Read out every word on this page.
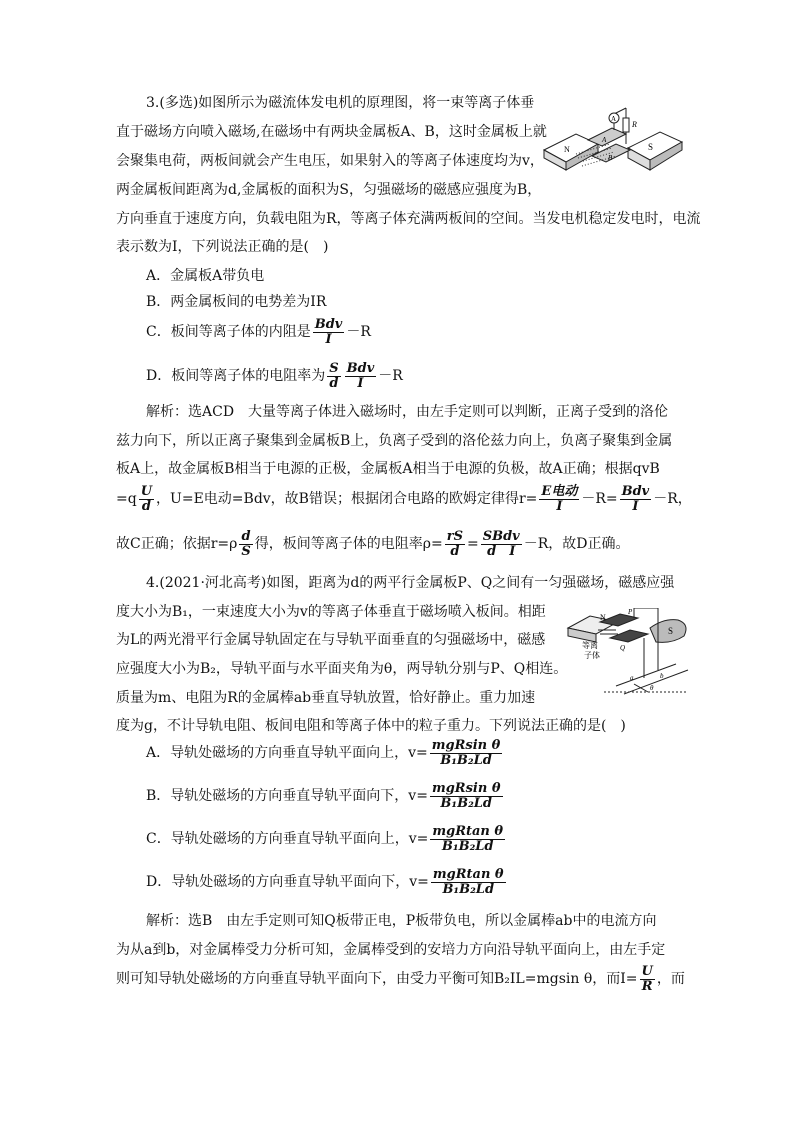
3.(多选)如图所示为磁流体发电机的原理图，将一束等离子体垂
直于磁场方向喷入磁场,在磁场中有两块金属板A、B，这时金属板上就
会聚集电荷，两板间就会产生电压，如果射入的等离子体速度均为v，
两金属板间距离为d,金属板的面积为S，匀强磁场的磁感应强度为B，
方向垂直于速度方向，负载电阻为R，等离子体充满两板间的空间。当发电机稳定发电时，电流
表示数为I，下列说法正确的是(　)
A
R
N	S
A
B
A．金属板A带负电
B．两金属板间的电势差为IR
C．板间等离子体的内阻是 $\frac{\text{Bdv}}{I} -R$
D．板间等离子体的电阻率为 $\frac{S}{d} \frac{\text{Bdv}}{I} -R$
解析：选ACD　大量等离子体进入磁场时，由左手定则可以判断，正离子受到的洛伦
兹力向下，所以正离子聚集到金属板B上，负离子受到的洛伦兹力向上，负离子聚集到金属
板A上，故金属板B相当于电源的正极，金属板A相当于电源的负极，故A正确；根据qvB
$=q \frac{U}{d}$ ，U=E电动=Bdv，故B错误；根据闭合电路的欧姆定律得$r= \frac{\text{E电动}}{I} -R= \frac{\text{Bdv}}{I} -R$，
故C正确；依据$r=\rho \frac{d}{S}$ 得，板间等离子体的电阻率$\rho= \frac{rS}{d} = \frac{\text{SBdv}}{\text{d　I}} -R$，故D正确。
4.(2021·河北高考)如图，距离为d的两平行金属板P、Q之间有一匀强磁场，磁感应强
度大小为B₁，一束速度大小为v的等离子体垂直于磁场喷入板间。相距
为L的两光滑平行金属导轨固定在与导轨平面垂直的匀强磁场中，磁感
应强度大小为B₂，导轨平面与水平面夹角为θ，两导轨分别与P、Q相连。
质量为m、电阻为R的金属棒ab垂直导轨放置，恰好静止。重力加速
度为g，不计导轨电阻、板间电阻和等离子体中的粒子重力。下列说法正确的是(　)
N
S
P
Q
等离
子体
a	b
θ
A．导轨处磁场的方向垂直导轨平面向上，$v= \frac{\text{mgRsin θ}}{\text{B₁B₂Ld}}$
B．导轨处磁场的方向垂直导轨平面向下，$v= \frac{\text{mgRsin θ}}{\text{B₁B₂Ld}}$
C．导轨处磁场的方向垂直导轨平面向上，$v= \frac{\text{mgRtan θ}}{\text{B₁B₂Ld}}$
D．导轨处磁场的方向垂直导轨平面向下，$v= \frac{\text{mgRtan θ}}{\text{B₁B₂Ld}}$
解析：选B　由左手定则可知Q板带正电，P板带负电，所以金属棒ab中的电流方向
为从a到b，对金属棒受力分析可知，金属棒受到的安培力方向沿导轨平面向上，由左手定
则可知导轨处磁场的方向垂直导轨平面向下，由受力平衡可知B₂IL=mgsin θ，而$I= \frac{U}{R}$ ，而
